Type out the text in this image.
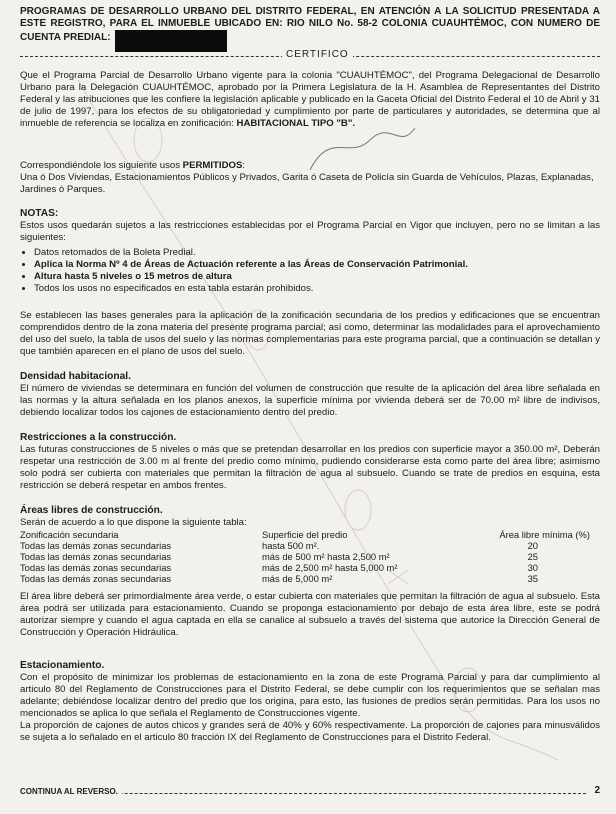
PROGRAMAS DE DESARROLLO URBANO DEL DISTRITO FEDERAL, EN ATENCIÓN A LA SOLICITUD PRESENTADA A ESTE REGISTRO, PARA EL INMUEBLE UBICADO EN: RIO NILO No. 58-2 COLONIA CUAUHTÉMOC, CON NUMERO DE CUENTA PREDIAL:
CERTIFICO
Que el Programa Parcial de Desarrollo Urbano vigente para la colonia "CUAUHTÉMOC", del Programa Delegacional de Desarrollo Urbano para la Delegación CUAUHTÉMOC, aprobado por la Primera Legislatura de la H. Asamblea de Representantes del Distrito Federal y las atribuciones que les confiere la legislación aplicable y publicado en la Gaceta Oficial del Distrito Federal el 10 de Abril y 31 de julio de 1997, para los efectos de su obligatoriedad y cumplimiento por parte de particulares y autoridades, se determina que al inmueble de referencia se localiza en zonificación: HABITACIONAL TIPO "B".
Correspondiéndole los siguiente usos PERMITIDOS:
Una ó Dos Viviendas, Estacionamientos Públicos y Privados, Garita ó Caseta de Policía sin Guarda de Vehículos, Plazas, Explanadas, Jardines ó Parques.
NOTAS:
Estos usos quedarán sujetos a las restricciones establecidas por el Programa Parcial en Vigor que incluyen, pero no se limitan a las siguientes:
• Datos retomados de la Boleta Predial.
• Aplica la Norma Nº 4 de Áreas de Actuación referente a las Áreas de Conservación Patrimonial.
• Altura hasta 5 niveles o 15 metros de altura
• Todos los usos no especificados en esta tabla estarán prohibidos.
Se establecen las bases generales para la aplicación de la zonificación secundaria de los predios y edificaciones que se encuentran comprendidos dentro de la zona materia del presente programa parcial; así como, determinar las modalidades para el aprovechamiento del uso del suelo, la tabla de usos del suelo y las normas complementarias para este programa parcial, que a continuación se detallan y que también aparecen en el plano de usos del suelo.
Densidad habitacional.
El número de viviendas se determinara en función del volumen de construcción que resulte de la aplicación del área libre señalada en las normas y la altura señalada en los planos anexos, la superficie mínima por vivienda deberá ser de 70.00 m² libre de indivisos, debiendo localizar todos los cajones de estacionamiento dentro del predio.
Restricciones a la construcción.
Las futuras construcciones de 5 niveles o más que se pretendan desarrollar en los predios con superficie mayor a 350.00 m², Deberán respetar una restricción de 3.00 m al frente del predio como mínimo, pudiendo considerarse esta como parte del área libre; asimismo solo podrá ser cubierta con materiales que permitan la filtración de agua al subsuelo. Cuando se trate de predios en esquina, esta restricción se deberá respetar en ambos frentes.
Áreas libres de construcción.
Serán de acuerdo a lo que dispone la siguiente tabla:
Zonificación secundaria	Superficie del predio	Área libre mínima (%)
Todas las demás zonas secundarias	hasta 500 m².	20
Todas las demás zonas secundarias	más de 500 m² hasta 2,500 m²	25
Todas las demás zonas secundarias	más de 2,500 m² hasta 5,000 m²	30
Todas las demás zonas secundarias	más de 5,000 m²	35
El área libre deberá ser primordialmente área verde, o estar cubierta con materiales que permitan la filtración de agua al subsuelo. Esta área podrá ser utilizada para estacionamiento. Cuando se proponga estacionamiento por debajo de esta área libre, este se podrá autorizar siempre y cuando el agua captada en ella se canalice al subsuelo a través del sistema que autorice la Dirección General de Construcción y Operación Hidráulica.
Estacionamiento.
Con el propósito de minimizar los problemas de estacionamiento en la zona de este Programa Parcial y para dar cumplimiento al articulo 80 del Reglamento de Construcciones para el Distrito Federal, se debe cumplir con los requerimientos que se señalan mas adelante; debiéndose localizar dentro del predio que los origina, para esto, las fusiones de predios serán permitidas. Para los usos no mencionados se aplica lo que señala el Reglamento de Construcciones vigente.
La proporción de cajones de autos chicos y grandes será de 40% y 60% respectivamente. La proporción de cajones para minusválidos se sujeta a lo señalado en el articulo 80 fracción IX del Reglamento de Construcciones para el Distrito Federal.
CONTINUA AL REVERSO.	2
